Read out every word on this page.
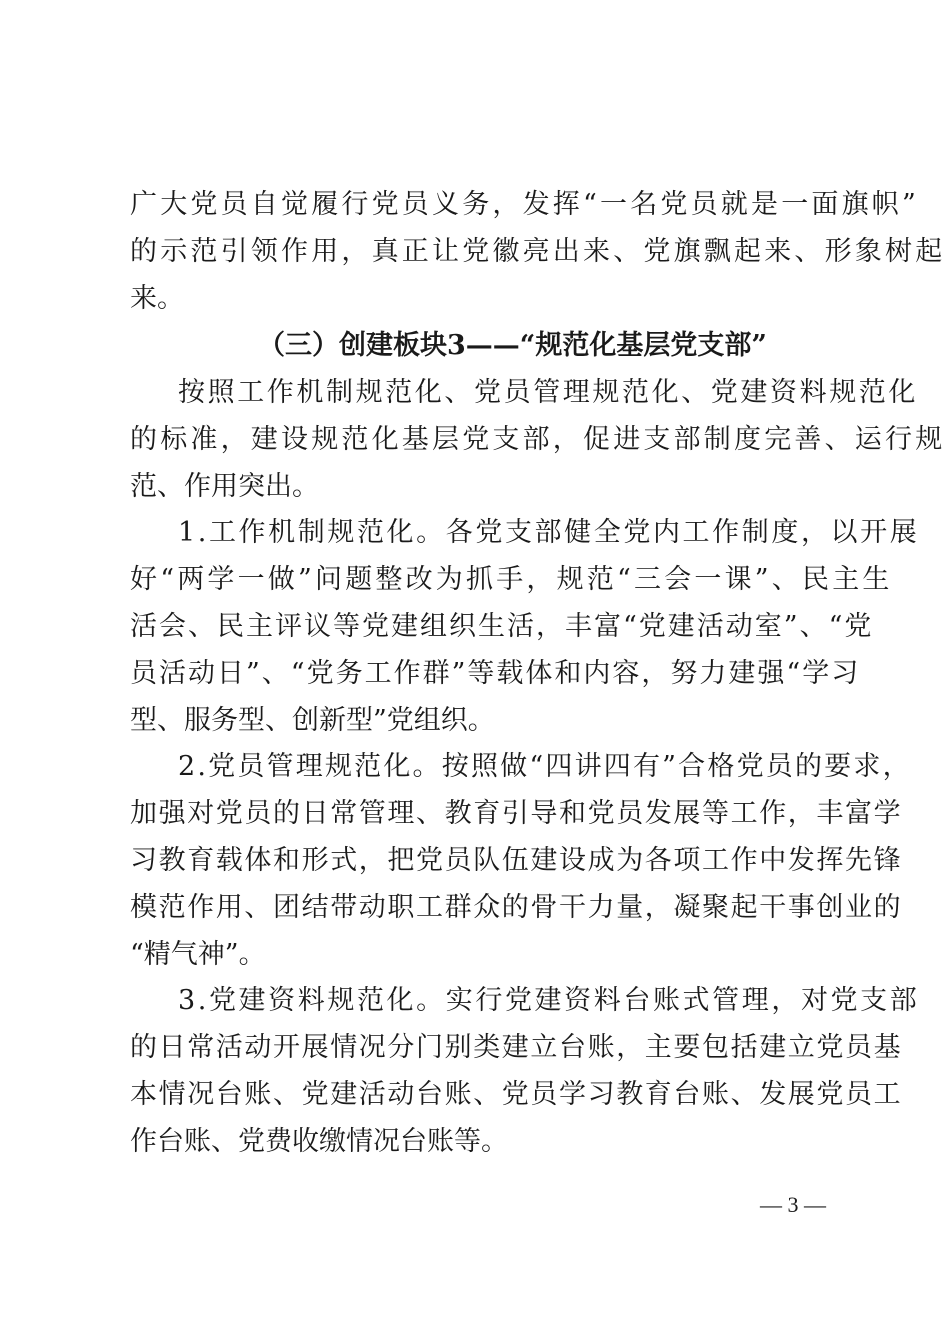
广大党员自觉履行党员义务，发挥“一名党员就是一面旗帜”
的示范引领作用，真正让党徽亮出来、党旗飘起来、形象树起
来。
（三）创建板块3——“规范化基层党支部”
按照工作机制规范化、党员管理规范化、党建资料规范化
的标准，建设规范化基层党支部，促进支部制度完善、运行规
范、作用突出。
1.工作机制规范化。各党支部健全党内工作制度，以开展
好“两学一做”问题整改为抓手，规范“三会一课”、民主生
活会、民主评议等党建组织生活，丰富“党建活动室”、“党
员活动日”、“党务工作群”等载体和内容，努力建强“学习
型、服务型、创新型”党组织。
2.党员管理规范化。按照做“四讲四有”合格党员的要求，
加强对党员的日常管理、教育引导和党员发展等工作，丰富学
习教育载体和形式，把党员队伍建设成为各项工作中发挥先锋
模范作用、团结带动职工群众的骨干力量，凝聚起干事创业的
“精气神”。
3.党建资料规范化。实行党建资料台账式管理，对党支部
的日常活动开展情况分门别类建立台账，主要包括建立党员基
本情况台账、党建活动台账、党员学习教育台账、发展党员工
作台账、党费收缴情况台账等。
— 3 —
